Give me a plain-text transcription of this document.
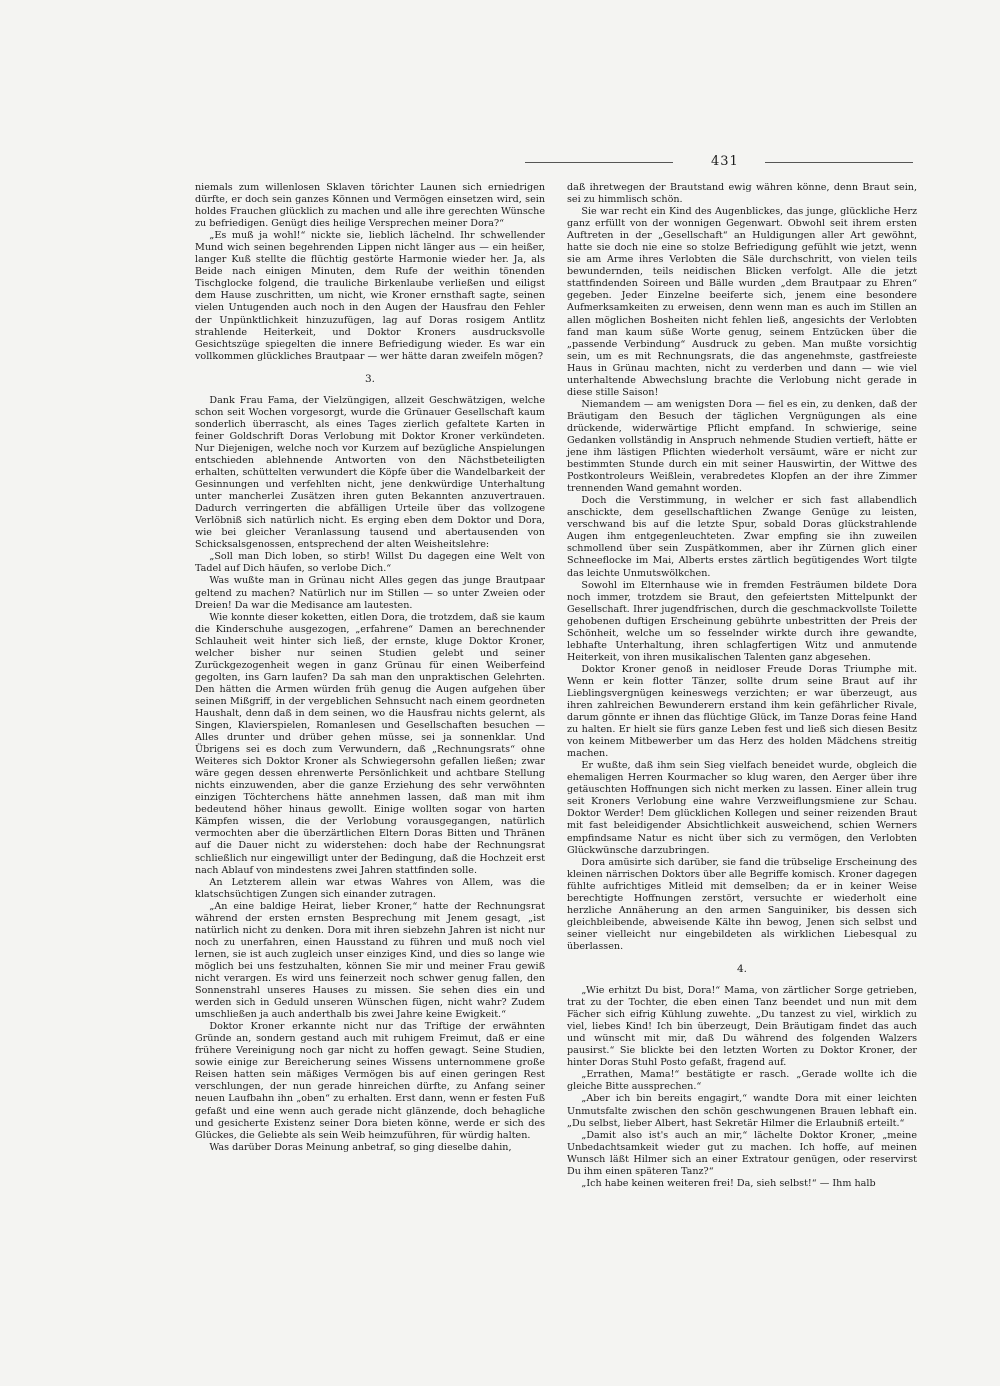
431

niemals zum willenlosen Sklaven törichter Launen sich erniedrigen dürfte, er doch sein ganzes Können und Vermögen einsetzen wird, sein holdes Frauchen glücklich zu machen und alle ihre gerechten Wünsche zu befriedigen. Genügt dies heilige Versprechen meiner Dora?“

„Es muß ja wohl!“ nickte sie, lieblich lächelnd. Ihr schwellender Mund wich seinen begehrenden Lippen nicht länger aus — ein heißer, langer Kuß stellte die flüchtig gestörte Harmonie wieder her. Ja, als Beide nach einigen Minuten, dem Rufe der weithin tönenden Tischglocke folgend, die trauliche Birkenlaube verließen und eiligst dem Hause zuschritten, um nicht, wie Kroner ernsthaft sagte, seinen vielen Untugenden auch noch in den Augen der Hausfrau den Fehler der Unpünktlichkeit hinzuzufügen, lag auf Doras rosigem Antlitz strahlende Heiterkeit, und Doktor Kroners ausdrucksvolle Gesichtszüge spiegelten die innere Befriedigung wieder. Es war ein vollkommen glückliches Brautpaar — wer hätte daran zweifeln mögen?

3.

Dank Frau Fama, der Vielzüngigen, allzeit Geschwätzigen, welche schon seit Wochen vorgesorgt, wurde die Grünauer Gesellschaft kaum sonderlich überrascht, als eines Tages zierlich gefaltete Karten in feiner Goldschrift Doras Verlobung mit Doktor Kroner verkündeten. Nur Diejenigen, welche noch vor Kurzem auf bezügliche Anspielungen entschieden ablehnende Antworten von den Nächstbeteiligten erhalten, schüttelten verwundert die Köpfe über die Wandelbarkeit der Gesinnungen und verfehlten nicht, jene denkwürdige Unterhaltung unter mancherlei Zusätzen ihren guten Bekannten anzuvertrauen. Dadurch verringerten die abfälligen Urteile über das vollzogene Verlöbniß sich natürlich nicht. Es erging eben dem Doktor und Dora, wie bei gleicher Veranlassung tausend und abertausenden von Schicksalsgenossen, entsprechend der alten Weisheitslehre:

„Soll man Dich loben, so stirb! Willst Du dagegen eine Welt von Tadel auf Dich häufen, so verlobe Dich.“

Was wußte man in Grünau nicht Alles gegen das junge Brautpaar geltend zu machen? Natürlich nur im Stillen — so unter Zweien oder Dreien! Da war die Medisance am lautesten.

Wie konnte dieser koketten, eitlen Dora, die trotzdem, daß sie kaum die Kinderschuhe ausgezogen, „erfahrene“ Damen an berechnender Schlauheit weit hinter sich ließ, der ernste, kluge Doktor Kroner, welcher bisher nur seinen Studien gelebt und seiner Zurückgezogenheit wegen in ganz Grünau für einen Weiberfeind gegolten, ins Garn laufen? Da sah man den unpraktischen Gelehrten. Den hätten die Armen würden früh genug die Augen aufgehen über seinen Mißgriff, in der vergeblichen Sehnsucht nach einem geordneten Haushalt, denn daß in dem seinen, wo die Hausfrau nichts gelernt, als Singen, Klavierspielen, Romanlesen und Gesellschaften besuchen — Alles drunter und drüber gehen müsse, sei ja sonnenklar. Und Übrigens sei es doch zum Verwundern, daß „Rechnungsrats“ ohne Weiteres sich Doktor Kroner als Schwiegersohn gefallen ließen; zwar wäre gegen dessen ehrenwerte Persönlichkeit und achtbare Stellung nichts einzuwenden, aber die ganze Erziehung des sehr verwöhnten einzigen Töchterchens hätte annehmen lassen, daß man mit ihm bedeutend höher hinaus gewollt. Einige wollten sogar von harten Kämpfen wissen, die der Verlobung vorausgegangen, natürlich vermochten aber die überzärtlichen Eltern Doras Bitten und Thränen auf die Dauer nicht zu widerstehen: doch habe der Rechnungsrat schließlich nur eingewilligt unter der Bedingung, daß die Hochzeit erst nach Ablauf von mindestens zwei Jahren stattfinden solle.

An Letzterem allein war etwas Wahres von Allem, was die klatschsüchtigen Zungen sich einander zutragen.

„An eine baldige Heirat, lieber Kroner,“ hatte der Rechnungsrat während der ersten ernsten Besprechung mit Jenem gesagt, „ist natürlich nicht zu denken. Dora mit ihren siebzehn Jahren ist nicht nur noch zu unerfahren, einen Hausstand zu führen und muß noch viel lernen, sie ist auch zugleich unser einziges Kind, und dies so lange wie möglich bei uns festzuhalten, können Sie mir und meiner Frau gewiß nicht verargen. Es wird uns feinerzeit noch schwer genug fallen, den Sonnenstrahl unseres Hauses zu missen. Sie sehen dies ein und werden sich in Geduld unseren Wünschen fügen, nicht wahr? Zudem umschließen ja auch anderthalb bis zwei Jahre keine Ewigkeit.“

Doktor Kroner erkannte nicht nur das Triftige der erwähnten Gründe an, sondern gestand auch mit ruhigem Freimut, daß er eine frühere Vereinigung noch gar nicht zu hoffen gewagt. Seine Studien, sowie einige zur Bereicherung seines Wissens unternommene große Reisen hatten sein mäßiges Vermögen bis auf einen geringen Rest verschlungen, der nun gerade hinreichen dürfte, zu Anfang seiner neuen Laufbahn ihn „oben“ zu erhalten. Erst dann, wenn er festen Fuß gefaßt und eine wenn auch gerade nicht glänzende, doch behagliche und gesicherte Existenz seiner Dora bieten könne, werde er sich des Glückes, die Geliebte als sein Weib heimzuführen, für würdig halten.

Was darüber Doras Meinung anbetraf, so ging dieselbe dahin,

daß ihretwegen der Brautstand ewig währen könne, denn Braut sein, sei zu himmlisch schön.

Sie war recht ein Kind des Augenblickes, das junge, glückliche Herz ganz erfüllt von der wonnigen Gegenwart. Obwohl seit ihrem ersten Auftreten in der „Gesellschaft“ an Huldigungen aller Art gewöhnt, hatte sie doch nie eine so stolze Befriedigung gefühlt wie jetzt, wenn sie am Arme ihres Verlobten die Säle durchschritt, von vielen teils bewundernden, teils neidischen Blicken verfolgt. Alle die jetzt stattfindenden Soireen und Bälle wurden „dem Brautpaar zu Ehren“ gegeben. Jeder Einzelne beeiferte sich, jenem eine besondere Aufmerksamkeiten zu erweisen, denn wenn man es auch im Stillen an allen möglichen Bosheiten nicht fehlen ließ, angesichts der Verlobten fand man kaum süße Worte genug, seinem Entzücken über die „passende Verbindung“ Ausdruck zu geben. Man mußte vorsichtig sein, um es mit Rechnungsrats, die das angenehmste, gastfreieste Haus in Grünau machten, nicht zu verderben und dann — wie viel unterhaltende Abwechslung brachte die Verlobung nicht gerade in diese stille Saison!

Niemandem — am wenigsten Dora — fiel es ein, zu denken, daß der Bräutigam den Besuch der täglichen Vergnügungen als eine drückende, widerwärtige Pflicht empfand. In schwierige, seine Gedanken vollständig in Anspruch nehmende Studien vertieft, hätte er jene ihm lästigen Pflichten wiederholt versäumt, wäre er nicht zur bestimmten Stunde durch ein mit seiner Hauswirtin, der Wittwe des Postkontroleurs Weißlein, verabredetes Klopfen an der ihre Zimmer trennenden Wand gemahnt worden.

Doch die Verstimmung, in welcher er sich fast allabendlich anschickte, dem gesellschaftlichen Zwange Genüge zu leisten, verschwand bis auf die letzte Spur, sobald Doras glückstrahlende Augen ihm entgegenleuchteten. Zwar empfing sie ihn zuweilen schmollend über sein Zuspätkommen, aber ihr Zürnen glich einer Schneeflocke im Mai, Alberts erstes zärtlich begütigendes Wort tilgte das leichte Unmutswölkchen.

Sowohl im Elternhause wie in fremden Festräumen bildete Dora noch immer, trotzdem sie Braut, den gefeiertsten Mittelpunkt der Gesellschaft. Ihrer jugendfrischen, durch die geschmackvollste Toilette gehobenen duftigen Erscheinung gebührte unbestritten der Preis der Schönheit, welche um so fesselnder wirkte durch ihre gewandte, lebhafte Unterhaltung, ihren schlagfertigen Witz und anmutende Heiterkeit, von ihren musikalischen Talenten ganz abgesehen.

Doktor Kroner genoß in neidloser Freude Doras Triumphe mit. Wenn er kein flotter Tänzer, sollte drum seine Braut auf ihr Lieblingsvergnügen keineswegs verzichten; er war überzeugt, aus ihren zahlreichen Bewunderern erstand ihm kein gefährlicher Rivale, darum gönnte er ihnen das flüchtige Glück, im Tanze Doras feine Hand zu halten. Er hielt sie fürs ganze Leben fest und ließ sich diesen Besitz von keinem Mitbewerber um das Herz des holden Mädchens streitig machen.

Er wußte, daß ihm sein Sieg vielfach beneidet wurde, obgleich die ehemaligen Herren Kourmacher so klug waren, den Aerger über ihre getäuschten Hoffnungen sich nicht merken zu lassen. Einer allein trug seit Kroners Verlobung eine wahre Verzweiflungsmiene zur Schau. Doktor Werder! Dem glücklichen Kollegen und seiner reizenden Braut mit fast beleidigender Absichtlichkeit ausweichend, schien Werners empfindsame Natur es nicht über sich zu vermögen, den Verlobten Glückwünsche darzubringen.

Dora amüsirte sich darüber, sie fand die trübselige Erscheinung des kleinen närrischen Doktors über alle Begriffe komisch. Kroner dagegen fühlte aufrichtiges Mitleid mit demselben; da er in keiner Weise berechtigte Hoffnungen zerstört, versuchte er wiederholt eine herzliche Annäherung an den armen Sanguiniker, bis dessen sich gleichbleibende, abweisende Kälte ihn bewog, Jenen sich selbst und seiner vielleicht nur eingebildeten als wirklichen Liebesqual zu überlassen.

4.

„Wie erhitzt Du bist, Dora!“ Mama, von zärtlicher Sorge getrieben, trat zu der Tochter, die eben einen Tanz beendet und nun mit dem Fächer sich eifrig Kühlung zuwehte. „Du tanzest zu viel, wirklich zu viel, liebes Kind! Ich bin überzeugt, Dein Bräutigam findet das auch und wünscht mit mir, daß Du während des folgenden Walzers pausirst.“ Sie blickte bei den letzten Worten zu Doktor Kroner, der hinter Doras Stuhl Posto gefaßt, fragend auf.

„Errathen, Mama!“ bestätigte er rasch. „Gerade wollte ich die gleiche Bitte aussprechen.“

„Aber ich bin bereits engagirt,“ wandte Dora mit einer leichten Unmutsfalte zwischen den schön geschwungenen Brauen lebhaft ein. „Du selbst, lieber Albert, hast Sekretär Hilmer die Erlaubniß erteilt.“

„Damit also ist's auch an mir,“ lächelte Doktor Kroner, „meine Unbedachtsamkeit wieder gut zu machen. Ich hoffe, auf meinen Wunsch läßt Hilmer sich an einer Extratour genügen, oder reservirst Du ihm einen späteren Tanz?“

„Ich habe keinen weiteren frei! Da, sieh selbst!“ — Ihm halb
